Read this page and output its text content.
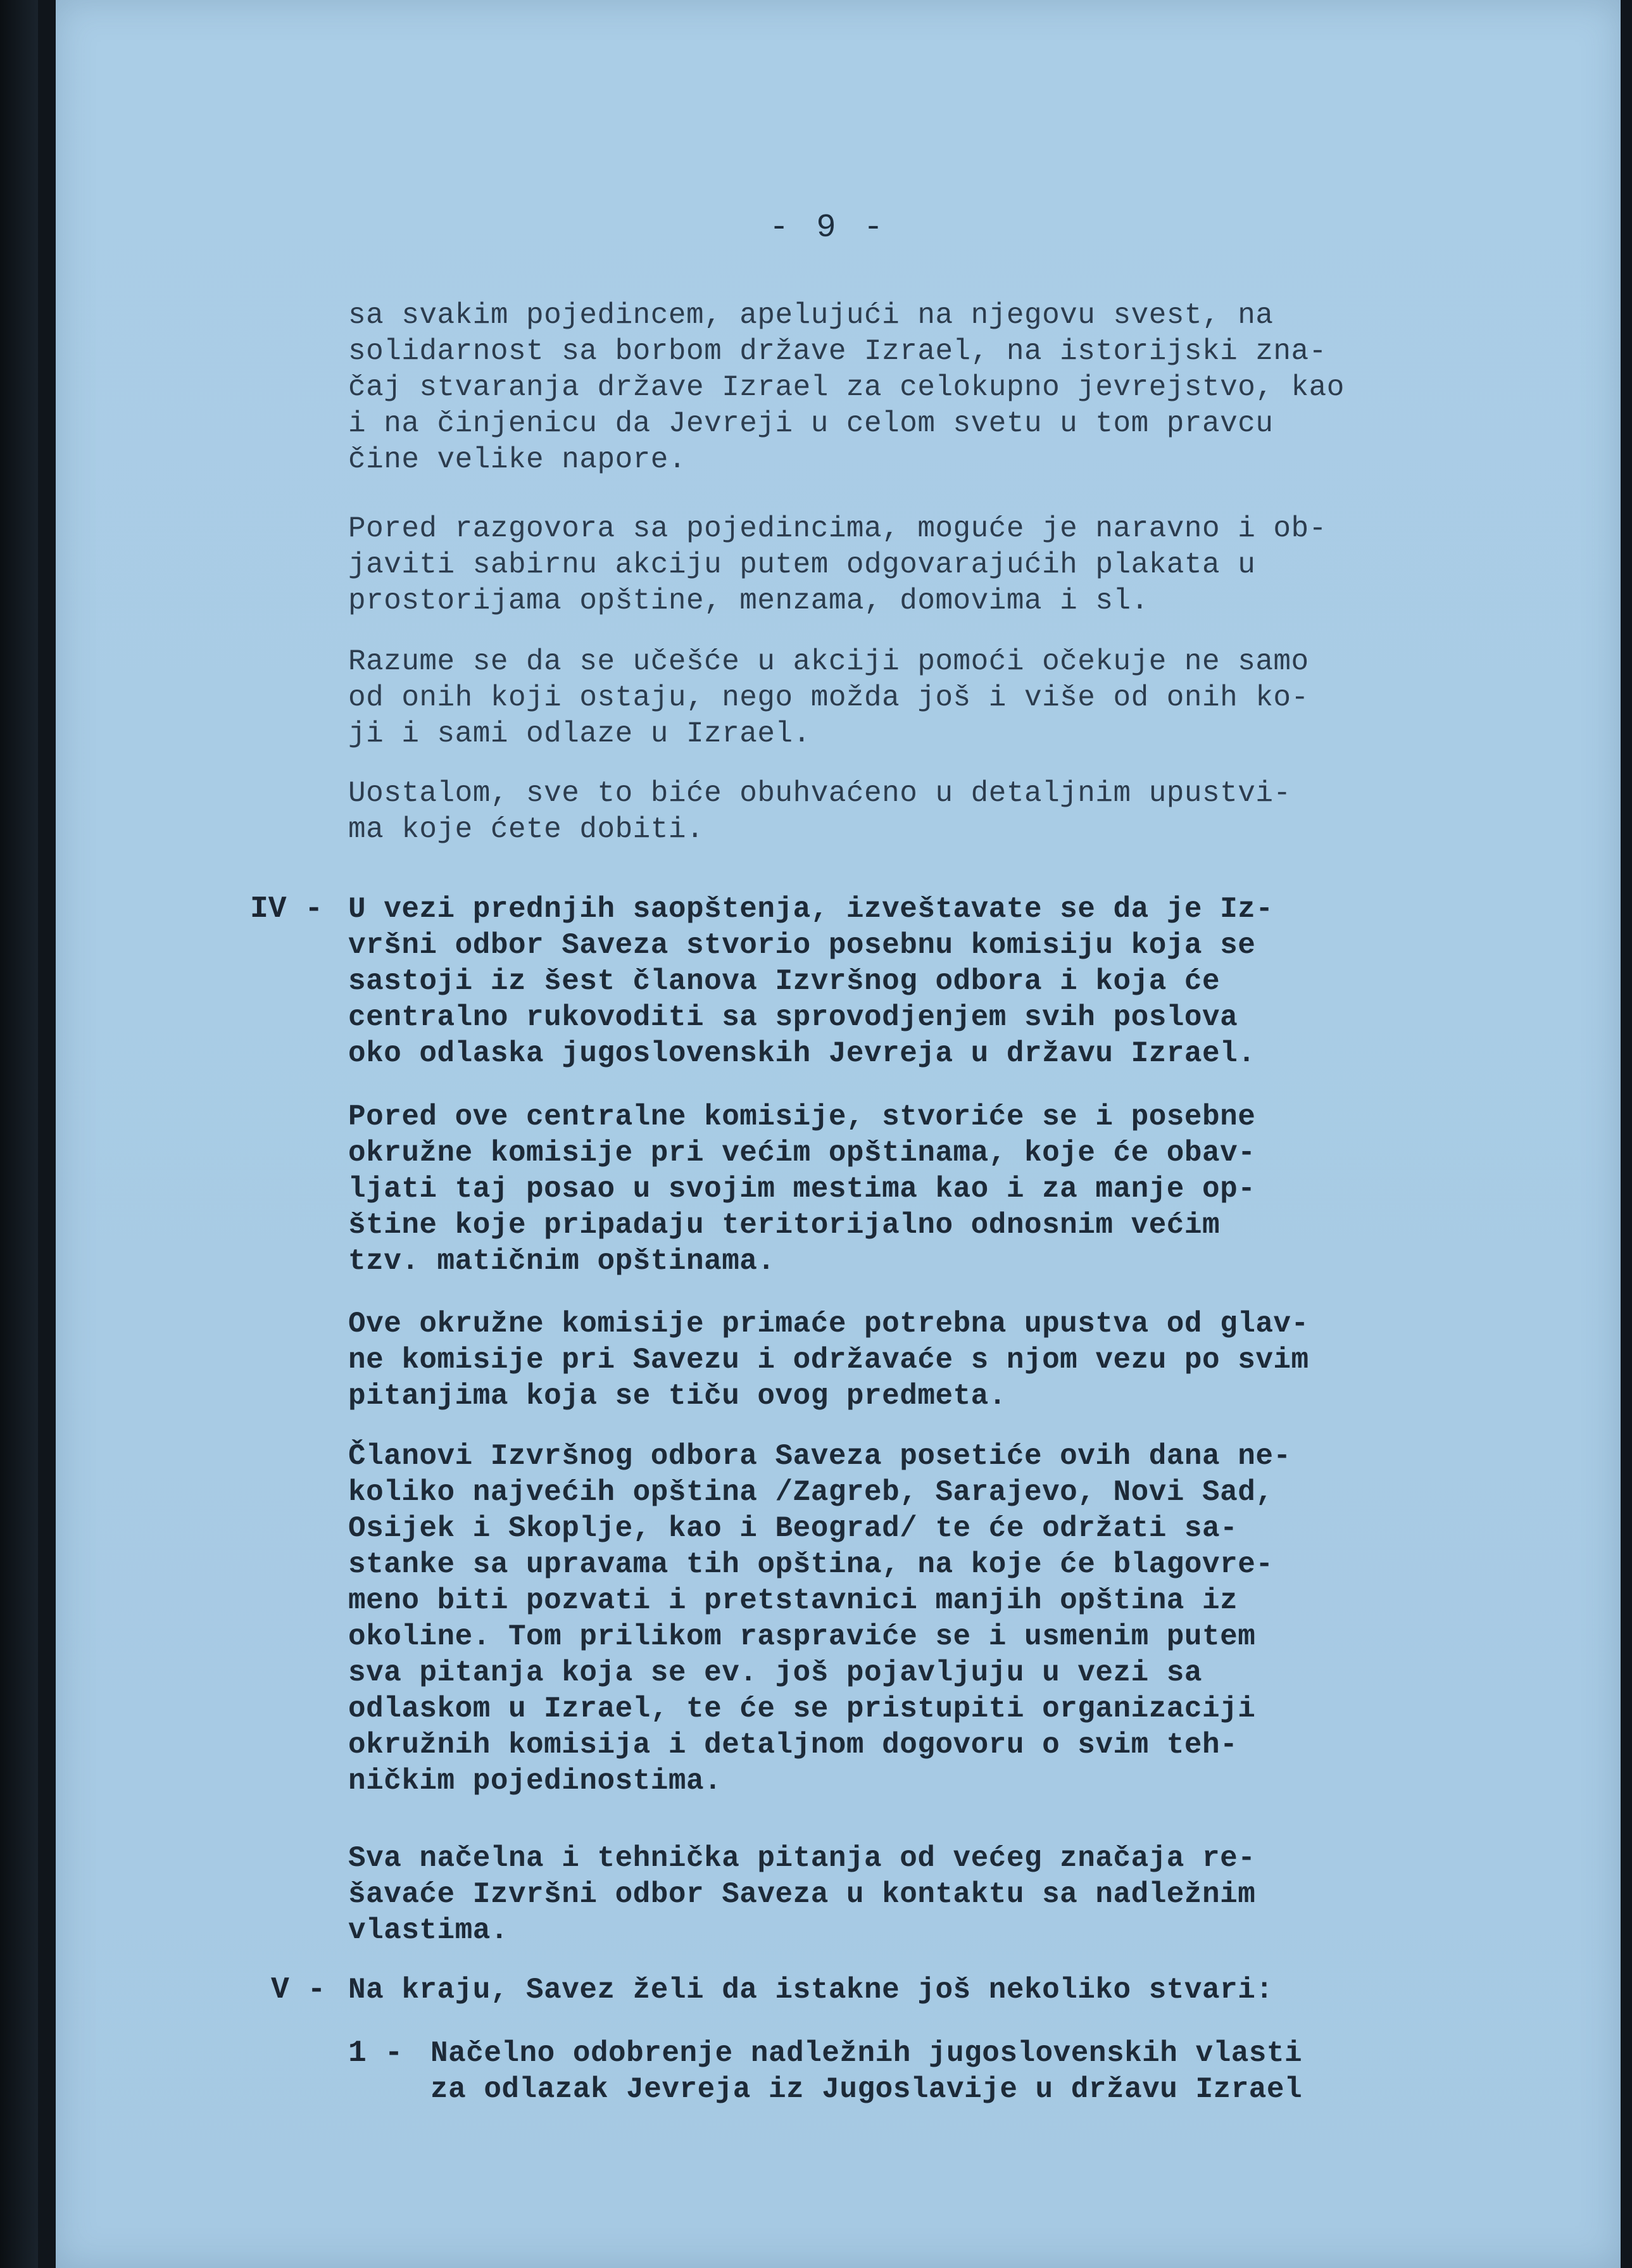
- 9 -
sa svakim pojedincem, apelujući na njegovu svest, na
solidarnost sa borbom države Izrael, na istorijski zna-
čaj stvaranja države Izrael za celokupno jevrejstvo, kao
i na činjenicu da Jevreji u celom svetu u tom pravcu
čine velike napore.
Pored razgovora sa pojedincima, moguće je naravno i ob-
javiti sabirnu akciju putem odgovarajućih plakata u
prostorijama opštine, menzama, domovima i sl.
Razume se da se učešće u akciji pomoći očekuje ne samo
od onih koji ostaju, nego možda još i više od onih ko-
ji i sami odlaze u Izrael.
Uostalom, sve to biće obuhvaćeno u detaljnim upustvi-
ma koje ćete dobiti.
IV - U vezi prednjih saopštenja, izveštavate se da je Iz-
vršni odbor Saveza stvorio posebnu komisiju koja se
sastoji iz šest članova Izvršnog odbora i koja će
centralno rukovoditi sa sprovodjenjem svih poslova
oko odlaska jugoslovenskih Jevreja u državu Izrael.
Pored ove centralne komisije, stvoriće se i posebne
okružne komisije pri većim opštinama, koje će obav-
ljati taj posao u svojim mestima kao i za manje op-
štine koje pripadaju teritorijalno odnosnim većim
tzv. matičnim opštinama.
Ove okružne komisije primaće potrebna upustva od glav-
ne komisije pri Savezu i održavaće s njom vezu po svim
pitanjima koja se tiču ovog predmeta.
Članovi Izvršnog odbora Saveza posetiće ovih dana ne-
koliko najvećih opština /Zagreb, Sarajevo, Novi Sad,
Osijek i Skoplje, kao i Beograd/ te će održati sa-
stanke sa upravama tih opština, na koje će blagovre-
meno biti pozvati i pretstavnici manjih opština iz
okoline. Tom prilikom raspraviće se i usmenim putem
sva pitanja koja se ev. još pojavljuju u vezi sa
odlaskom u Izrael, te će se pristupiti organizaciji
okružnih komisija i detaljnom dogovoru o svim teh-
ničkim pojedinostima.
Sva načelna i tehnička pitanja od većeg značaja re-
šavaće Izvršni odbor Saveza u kontaktu sa nadležnim
vlastima.
V - Na kraju, Savez želi da istakne još nekoliko stvari:
1 - Načelno odobrenje nadležnih jugoslovenskih vlasti
za odlazak Jevreja iz Jugoslavije u državu Izrael
